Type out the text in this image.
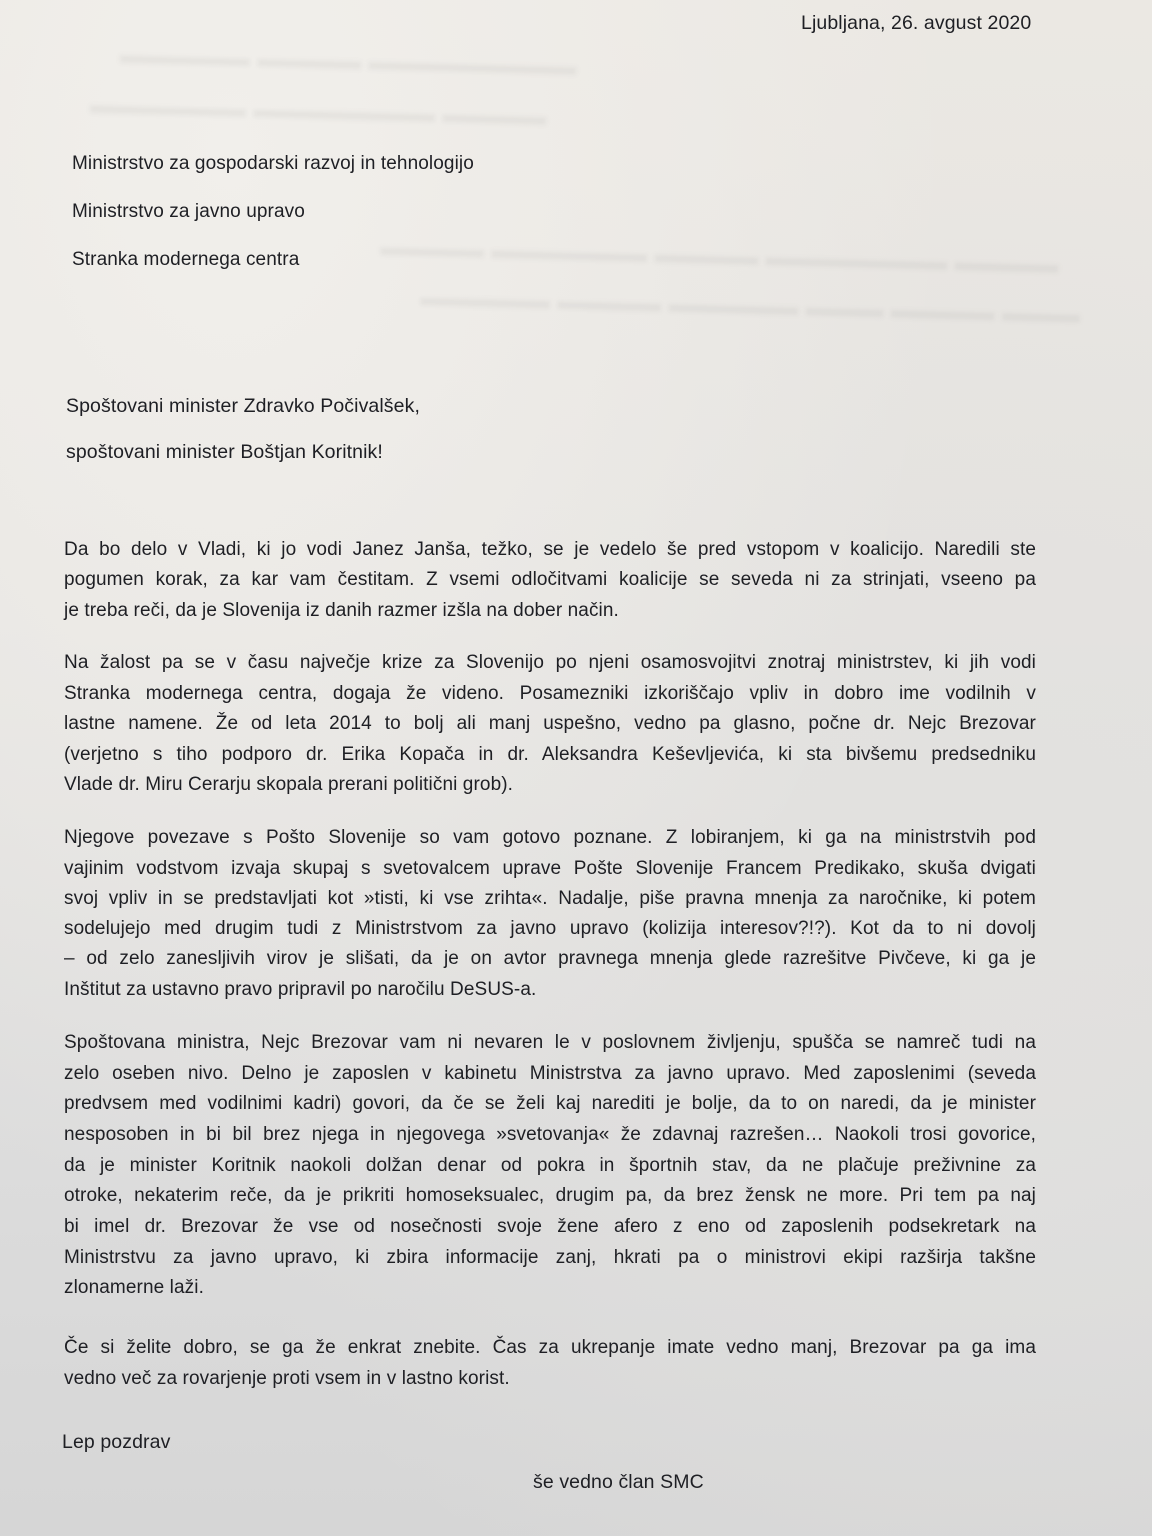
▬▬▬▬▬ ▬▬▬▬ ▬▬▬▬▬▬▬▬
▬▬▬▬▬▬ ▬▬▬▬▬▬▬ ▬▬▬▬
▬▬▬▬ ▬▬▬▬▬▬ ▬▬▬▬ ▬▬▬▬▬▬▬ ▬▬▬▬
▬▬▬▬▬ ▬▬▬▬ ▬▬▬▬▬ ▬▬▬ ▬▬▬▬ ▬▬▬
Ljubljana, 26. avgust 2020
Ministrstvo za gospodarski razvoj in tehnologijo
Ministrstvo za javno upravo
Stranka modernega centra
Spoštovani minister Zdravko Počivalšek,
spoštovani minister Boštjan Koritnik!
Da bo delo v Vladi, ki jo vodi Janez Janša, težko, se je vedelo še pred vstopom v koalicijo. Naredili ste
pogumen korak, za kar vam čestitam. Z vsemi odločitvami koalicije se seveda ni za strinjati, vseeno pa
je treba reči, da je Slovenija iz danih razmer izšla na dober način.
Na žalost pa se v času največje krize za Slovenijo po njeni osamosvojitvi znotraj ministrstev, ki jih vodi
Stranka modernega centra, dogaja že videno. Posamezniki izkoriščajo vpliv in dobro ime vodilnih v
lastne namene. Že od leta 2014 to bolj ali manj uspešno, vedno pa glasno, počne dr. Nejc Brezovar
(verjetno s tiho podporo dr. Erika Kopača in dr. Aleksandra Keševljevića, ki sta bivšemu predsedniku
Vlade dr. Miru Cerarju skopala prerani politični grob).
Njegove povezave s Pošto Slovenije so vam gotovo poznane. Z lobiranjem, ki ga na ministrstvih pod
vajinim vodstvom izvaja skupaj s svetovalcem uprave Pošte Slovenije Francem Predikako, skuša dvigati
svoj vpliv in se predstavljati kot »tisti, ki vse zrihta«. Nadalje, piše pravna mnenja za naročnike, ki potem
sodelujejo med drugim tudi z Ministrstvom za javno upravo (kolizija interesov?!?). Kot da to ni dovolj
– od zelo zanesljivih virov je slišati, da je on avtor pravnega mnenja glede razrešitve Pivčeve, ki ga je
Inštitut za ustavno pravo pripravil po naročilu DeSUS-a.
Spoštovana ministra, Nejc Brezovar vam ni nevaren le v poslovnem življenju, spušča se namreč tudi na
zelo oseben nivo. Delno je zaposlen v kabinetu Ministrstva za javno upravo. Med zaposlenimi (seveda
predvsem med vodilnimi kadri) govori, da če se želi kaj narediti je bolje, da to on naredi, da je minister
nesposoben in bi bil brez njega in njegovega »svetovanja« že zdavnaj razrešen… Naokoli trosi govorice,
da je minister Koritnik naokoli dolžan denar od pokra in športnih stav, da ne plačuje preživnine za
otroke, nekaterim reče, da je prikriti homoseksualec, drugim pa, da brez žensk ne more. Pri tem pa naj
bi imel dr. Brezovar že vse od nosečnosti svoje žene afero z eno od zaposlenih podsekretark na
Ministrstvu za javno upravo, ki zbira informacije zanj, hkrati pa o ministrovi ekipi razširja takšne
zlonamerne laži.
Če si želite dobro, se ga že enkrat znebite. Čas za ukrepanje imate vedno manj, Brezovar pa ga ima
vedno več za rovarjenje proti vsem in v lastno korist.
Lep pozdrav
še vedno član SMC
